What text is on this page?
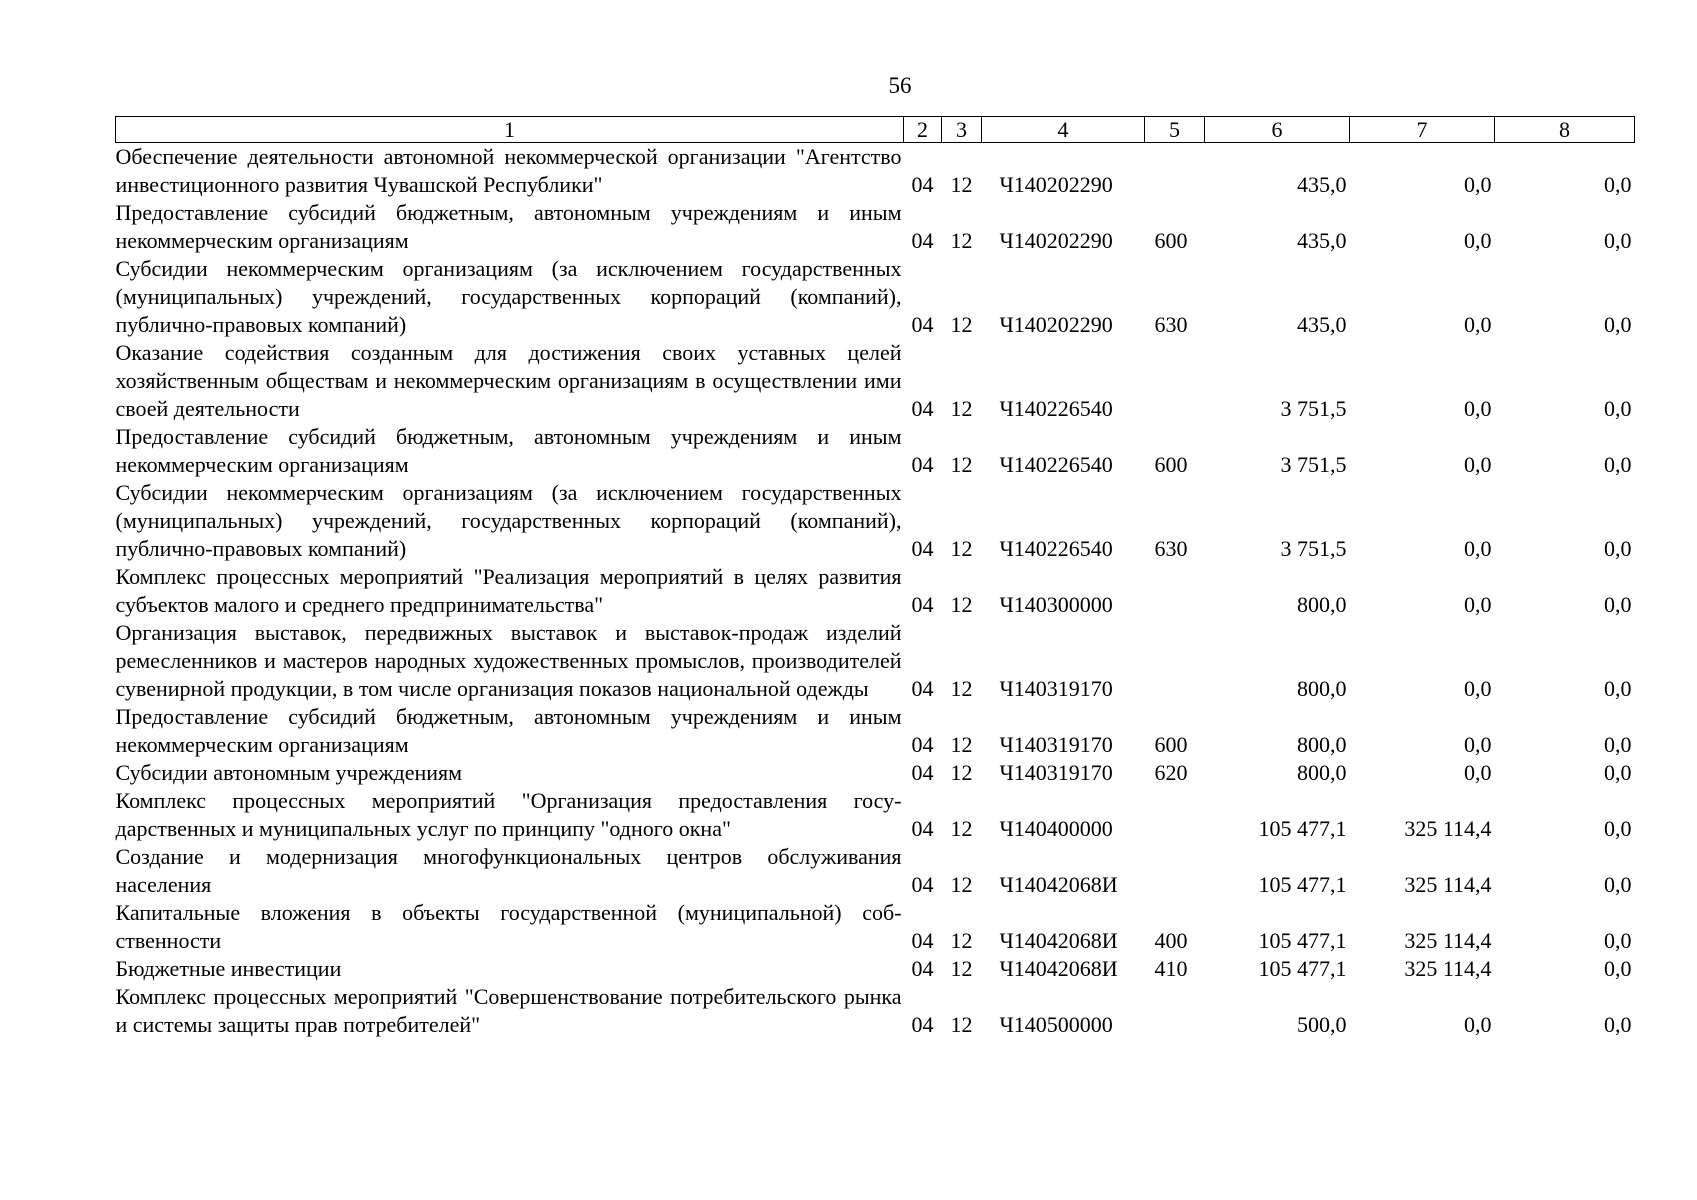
56
1	2	3	4	5	6	7	8
Обеспечение деятельности автономной некоммерческой организации "Агентство инвестиционного развития Чувашской Республики"	04	12	Ч140202290		435,0	0,0	0,0
Предоставление субсидий бюджетным, автономным учреждениям и иным некоммерческим организациям	04	12	Ч140202290	600	435,0	0,0	0,0
Субсидии некоммерческим организациям (за исключением государственных (муниципальных) учреждений, государственных корпораций (компаний), публично-правовых компаний)	04	12	Ч140202290	630	435,0	0,0	0,0
Оказание содействия созданным для достижения своих уставных целей хозяйственным обществам и некоммерческим организациям в осуществлении ими своей деятельности	04	12	Ч140226540		3 751,5	0,0	0,0
Предоставление субсидий бюджетным, автономным учреждениям и иным некоммерческим организациям	04	12	Ч140226540	600	3 751,5	0,0	0,0
Субсидии некоммерческим организациям (за исключением государственных (муниципальных) учреждений, государственных корпораций (компаний), публично-правовых компаний)	04	12	Ч140226540	630	3 751,5	0,0	0,0
Комплекс процессных мероприятий "Реализация мероприятий в целях развития субъектов малого и среднего предпринимательства"	04	12	Ч140300000		800,0	0,0	0,0
Организация выставок, передвижных выставок и выставок-продаж изделий ремесленников и мастеров народных художественных промыслов, производителей сувенирной продукции, в том числе организация показов национальной одежды	04	12	Ч140319170		800,0	0,0	0,0
Предоставление субсидий бюджетным, автономным учреждениям и иным некоммерческим организациям	04	12	Ч140319170	600	800,0	0,0	0,0
Субсидии автономным учреждениям	04	12	Ч140319170	620	800,0	0,0	0,0
Комплекс процессных мероприятий "Организация предоставления государственных и муниципальных услуг по принципу "одного окна"	04	12	Ч140400000		105 477,1	325 114,4	0,0
Создание и модернизация многофункциональных центров обслуживания населения	04	12	Ч14042068И		105 477,1	325 114,4	0,0
Капитальные вложения в объекты государственной (муниципальной) собственности	04	12	Ч14042068И	400	105 477,1	325 114,4	0,0
Бюджетные инвестиции	04	12	Ч14042068И	410	105 477,1	325 114,4	0,0
Комплекс процессных мероприятий "Совершенствование потребительского рынка и системы защиты прав потребителей"	04	12	Ч140500000		500,0	0,0	0,0
